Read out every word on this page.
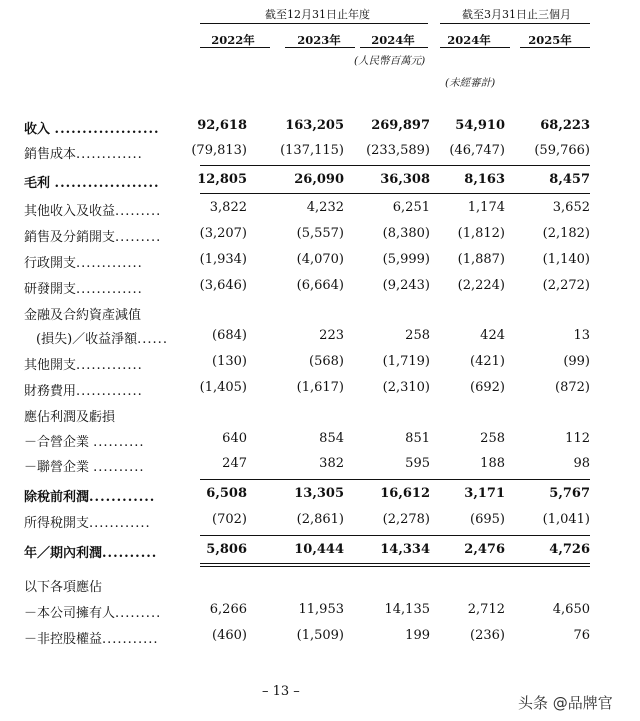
截至12月31日止年度	截至3月31日止三個月
2022年	2023年	2024年	2024年	2025年
(人民幣百萬元)
(未經審計)
收入 ...................	92,618	163,205 269,897 54,910	68,223
銷售成本.............	(79,813)	(137,115) (233,589) (46,747) (59,766)
毛利 ...................	12,805	26,090	36,308	8,163	8,457
其他收入及收益.........	3,822	4,232	6,251	1,174	3,652
銷售及分銷開支.........	(3,207)	(5,557)	(8,380) (1,812)	(2,182)
行政開支.............	(1,934)	(4,070)	(5,999) (1,887)	(1,140)
研發開支.............	(3,646)	(6,664)	(9,243) (2,224)	(2,272)
金融及合約資產減值
(損失)／收益淨額......	(684)	223	258	424	13
其他開支.............	(130)	(568)	(1,719)	(421)	(99)
財務費用.............	(1,405)	(1,617)	(2,310)	(692)	(872)
應佔利潤及虧損
－合營企業 ..........	640	854	851	258	112
－聯營企業 ..........	247	382	595	188	98
除稅前利潤............	6,508	13,305	16,612	3,171	5,767
所得稅開支............	(702)	(2,861)	(2,278)	(695)	(1,041)
年／期內利潤..........	5,806	10,444	14,334	2,476	4,726
以下各項應佔
－本公司擁有人.........	6,266	11,953	14,135	2,712	4,650
－非控股權益...........	(460)	(1,509)	199	(236)	76
– 13 –
头条 @品牌官
